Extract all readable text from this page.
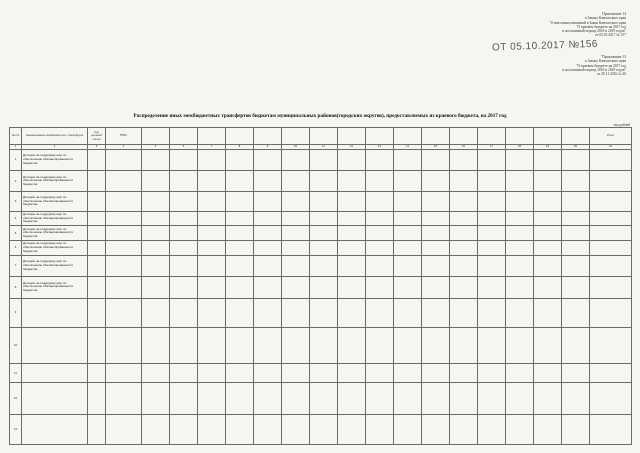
Приложение 14
к Закону Камчатского края
"О внесении изменений в Закон Камчатского края
"О краевом бюджете на 2017 год
и на плановый период 2018 и 2019 годов"
от 05.10.2017 № 157
ОТ 05.10.2017 №156
"Приложение 13
к Закону Камчатского края
"О краевом бюджете на 2017 год
и на плановый период 2018 и 2019 годов"
от 29.11.2016 № 20
Распределение иных межбюджетных трансфертов бюджетам муниципальных районов(городских округов), предоставляемых из краевого бюджета, на 2017 год
тыс.рублей
№ п/п	Наименование межбюджетного трансферта	Код целевой статьи	ГРБС																	Итого
1	2	3	4	5	6	7	8	9	10	11	12	13	14	15	16	17	18	19	20	21
1	Дотации на поддержку мер по обеспечению сбалансированности бюджетов																			
2	Дотации на поддержку мер по обеспечению сбалансированности бюджетов																			
3	Дотации на поддержку мер по обеспечению сбалансированности бюджетов																			
4	Дотации на поддержку мер по обеспечению сбалансированности бюджетов																			
5	Дотации на поддержку мер по обеспечению сбалансированности бюджетов																			
6	Дотации на поддержку мер по обеспечению сбалансированности бюджетов																			
7	Дотации на поддержку мер по обеспечению сбалансированности бюджетов																			
8	Дотации на поддержку мер по обеспечению сбалансированности бюджетов																			
9																				
10																				
11																				
12																				
13																				
